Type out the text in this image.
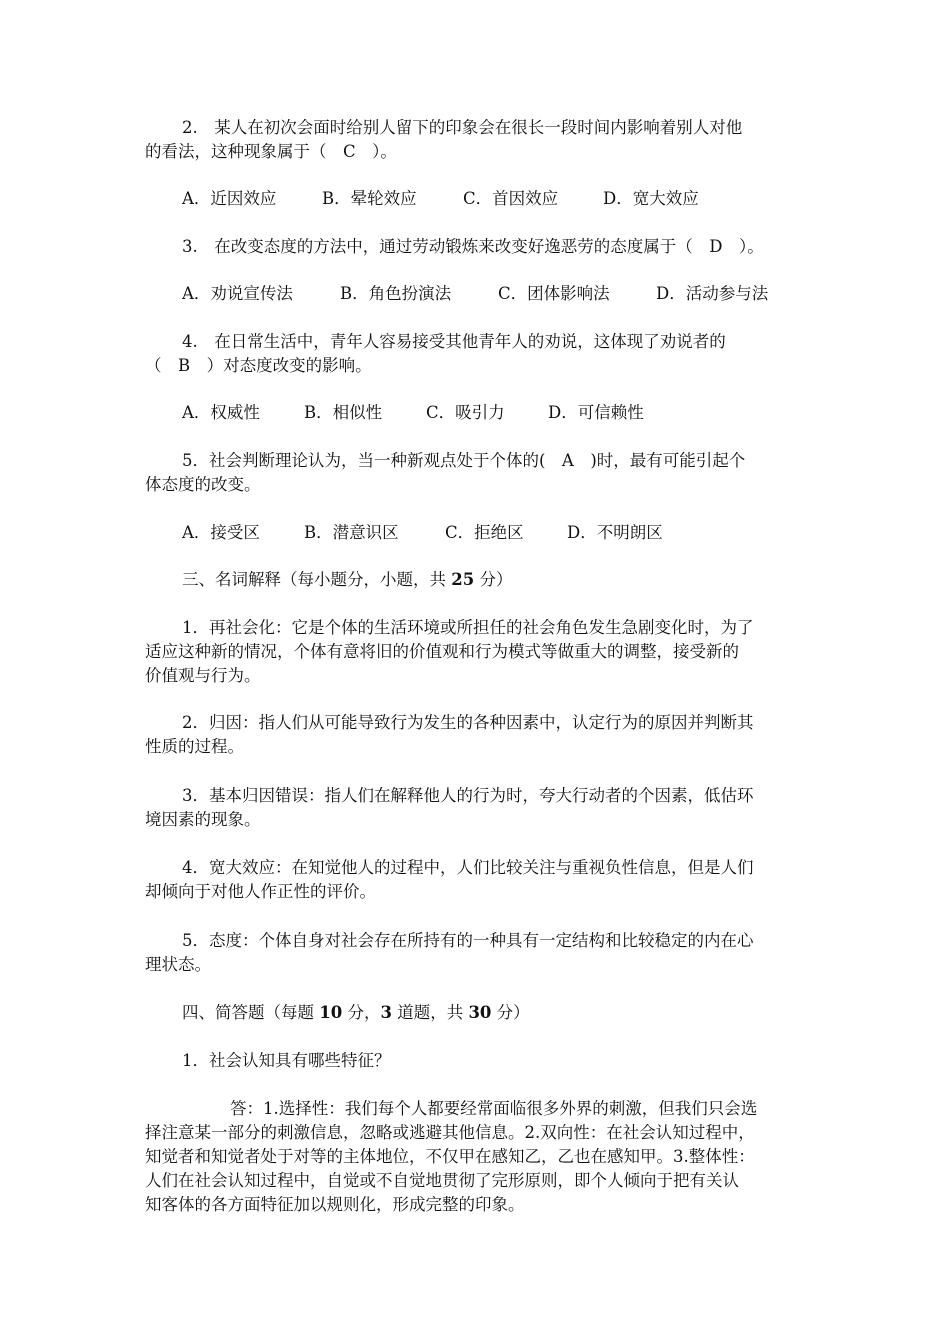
2.　某人在初次会面时给别人留下的印象会在很长一段时间内影响着别人对他
的看法，这种现象属于（　C　）。
A．近因效应	B．晕轮效应	C．首因效应	D．宽大效应
3.　在改变态度的方法中，通过劳动锻炼来改变好逸恶劳的态度属于（　D　）。
A．劝说宣传法	B．角色扮演法	C．团体影响法	D．活动参与法
4.　在日常生活中，青年人容易接受其他青年人的劝说，这体现了劝说者的
（　B　）对态度改变的影响。
A．权威性	B．相似性	C．吸引力	D．可信赖性
5．社会判断理论认为，当一种新观点处于个体的(　A　)时，最有可能引起个
体态度的改变。
A．接受区	B．潜意识区	C．拒绝区	D．不明朗区
三、名词解释（每小题分，小题，共 25 分）
1．再社会化：它是个体的生活环境或所担任的社会角色发生急剧变化时，为了
适应这种新的情况，个体有意将旧的价值观和行为模式等做重大的调整，接受新的
价值观与行为。
2．归因：指人们从可能导致行为发生的各种因素中，认定行为的原因并判断其
性质的过程。
3．基本归因错误：指人们在解释他人的行为时，夸大行动者的个因素，低估环
境因素的现象。
4．宽大效应：在知觉他人的过程中，人们比较关注与重视负性信息，但是人们
却倾向于对他人作正性的评价。
5．态度：个体自身对社会存在所持有的一种具有一定结构和比较稳定的内在心
理状态。
四、简答题（每题 10 分，3 道题，共 30 分）
1．社会认知具有哪些特征？
答：1.选择性：我们每个人都要经常面临很多外界的刺激，但我们只会选
择注意某一部分的刺激信息，忽略或逃避其他信息。2.双向性：在社会认知过程中，
知觉者和知觉者处于对等的主体地位，不仅甲在感知乙，乙也在感知甲。3.整体性：
人们在社会认知过程中，自觉或不自觉地贯彻了完形原则，即个人倾向于把有关认
知客体的各方面特征加以规则化，形成完整的印象。
